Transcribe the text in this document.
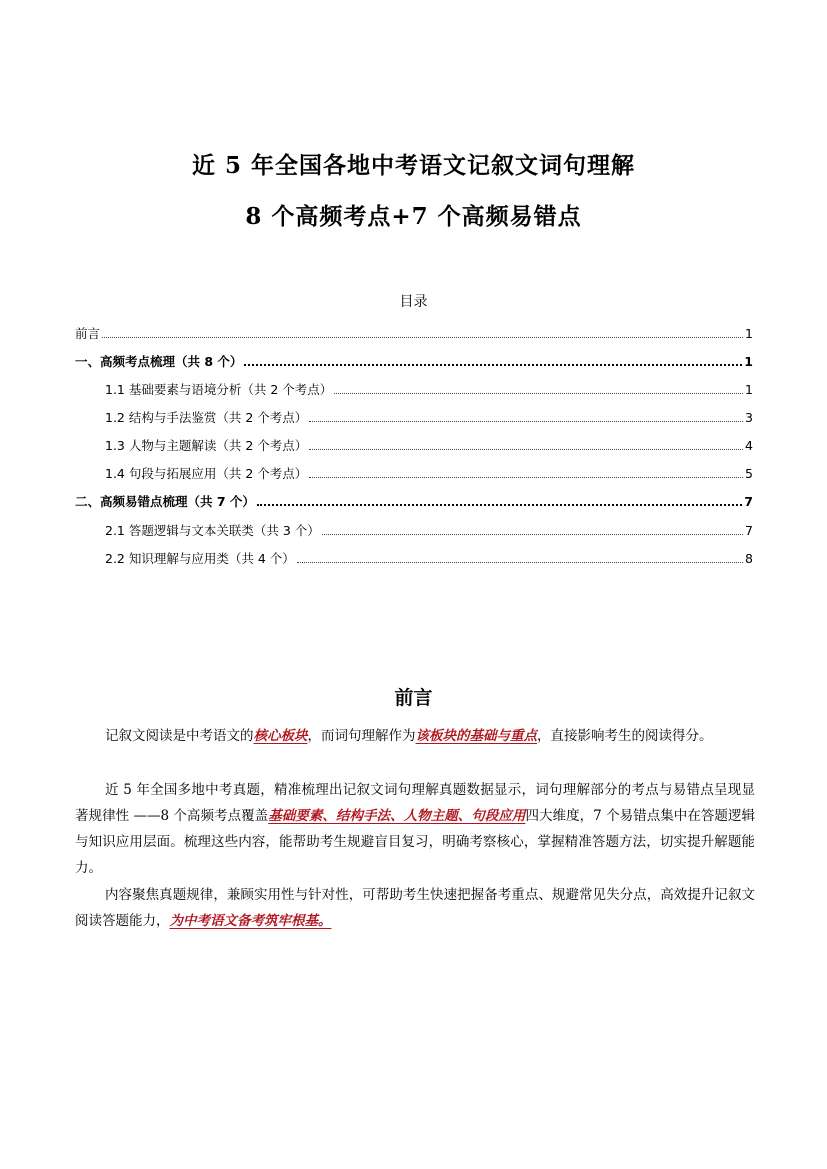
近 5 年全国各地中考语文记叙文词句理解
8 个高频考点+7 个高频易错点
目录
前言	1
一、高频考点梳理（共 8 个）	1
1.1 基础要素与语境分析（共 2 个考点）	1
1.2 结构与手法鉴赏（共 2 个考点）	3
1.3 人物与主题解读（共 2 个考点）	4
1.4 句段与拓展应用（共 2 个考点）	5
二、高频易错点梳理（共 7 个）	7
2.1 答题逻辑与文本关联类（共 3 个）	7
2.2 知识理解与应用类（共 4 个）	8
前言
记叙文阅读是中考语文的核心板块，而词句理解作为该板块的基础与重点，直接影响考生的阅读得分。
近 5 年全国多地中考真题，精准梳理出记叙文词句理解真题数据显示，词句理解部分的考点与易错点呈现显著规律性 ——8 个高频考点覆盖基础要素、结构手法、人物主题、句段应用四大维度，7 个易错点集中在答题逻辑与知识应用层面。梳理这些内容，能帮助考生规避盲目复习，明确考察核心，掌握精准答题方法，切实提升解题能力。
内容聚焦真题规律，兼顾实用性与针对性，可帮助考生快速把握备考重点、规避常见失分点，高效提升记叙文阅读答题能力，为中考语文备考筑牢根基。
